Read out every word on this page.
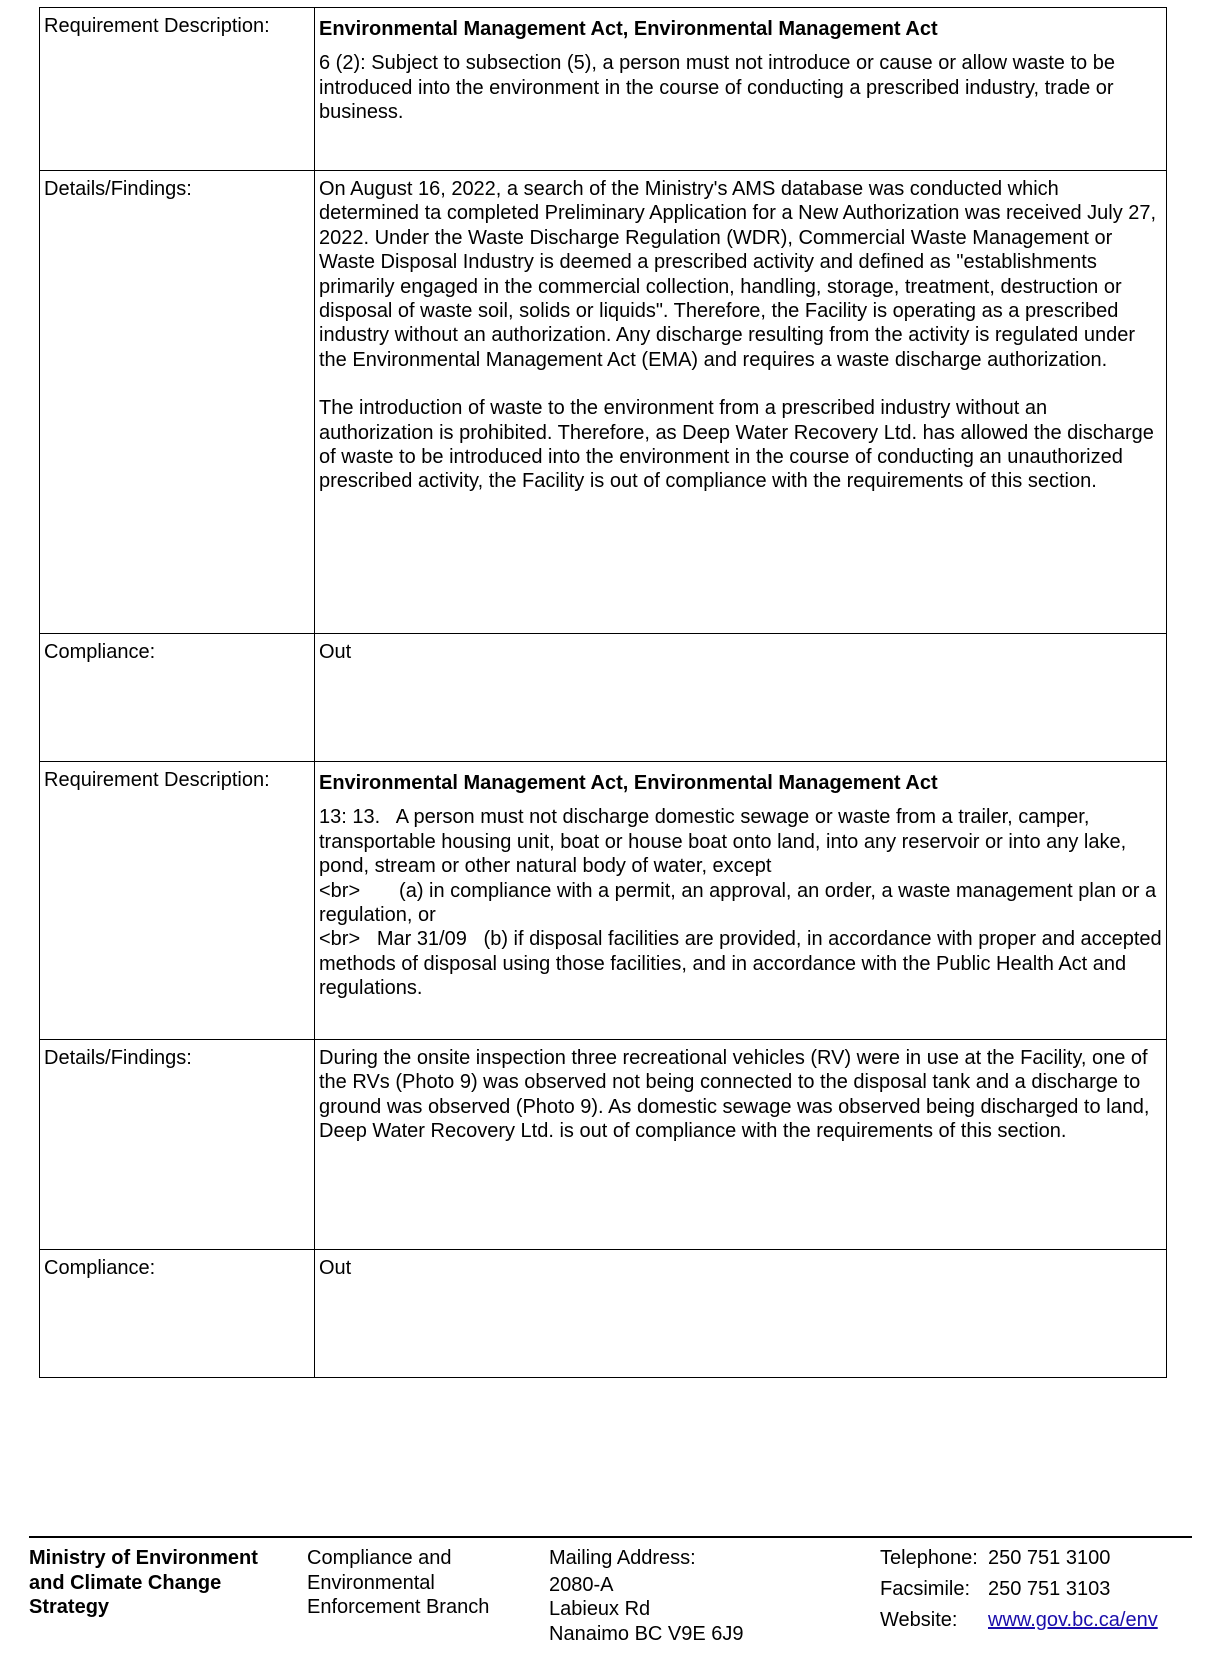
Requirement Description:	Environmental Management Act, Environmental Management Act
6 (2): Subject to subsection (5), a person must not introduce or cause or allow waste to be introduced into the environment in the course of conducting a prescribed industry, trade or business.

Details/Findings:	On August 16, 2022, a search of the Ministry's AMS database was conducted which determined ta completed Preliminary Application for a New Authorization was received July 27, 2022. Under the Waste Discharge Regulation (WDR), Commercial Waste Management or Waste Disposal Industry is deemed a prescribed activity and defined as "establishments primarily engaged in the commercial collection, handling, storage, treatment, destruction or disposal of waste soil, solids or liquids". Therefore, the Facility is operating as a prescribed industry without an authorization. Any discharge resulting from the activity is regulated under the Environmental Management Act (EMA) and requires a waste discharge authorization.
The introduction of waste to the environment from a prescribed industry without an authorization is prohibited. Therefore, as Deep Water Recovery Ltd. has allowed the discharge of waste to be introduced into the environment in the course of conducting an unauthorized prescribed activity, the Facility is out of compliance with the requirements of this section.

Compliance:	Out
Requirement Description:	Environmental Management Act, Environmental Management Act
13: 13.   A person must not discharge domestic sewage or waste from a trailer, camper, transportable housing unit, boat or house boat onto land, into any reservoir or into any lake, pond, stream or other natural body of water, except
<br>       (a) in compliance with a permit, an approval, an order, a waste management plan or a regulation, or
<br>   Mar 31/09   (b) if disposal facilities are provided, in accordance with proper and accepted methods of disposal using those facilities, and in accordance with the Public Health Act and regulations.

Details/Findings:	During the onsite inspection three recreational vehicles (RV) were in use at the Facility, one of the RVs (Photo 9) was observed not being connected to the disposal tank and a discharge to ground was observed (Photo 9). As domestic sewage was observed being discharged to land, Deep Water Recovery Ltd. is out of compliance with the requirements of this section.

Compliance:	Out
Ministry of Environment
and Climate Change
Strategy
Compliance and
Environmental
Enforcement Branch
Mailing Address:
2080-A
Labieux Rd
Nanaimo BC V9E 6J9
Telephone: 250 751 3100
Facsimile: 250 751 3103
Website:	www.gov.bc.ca/env
